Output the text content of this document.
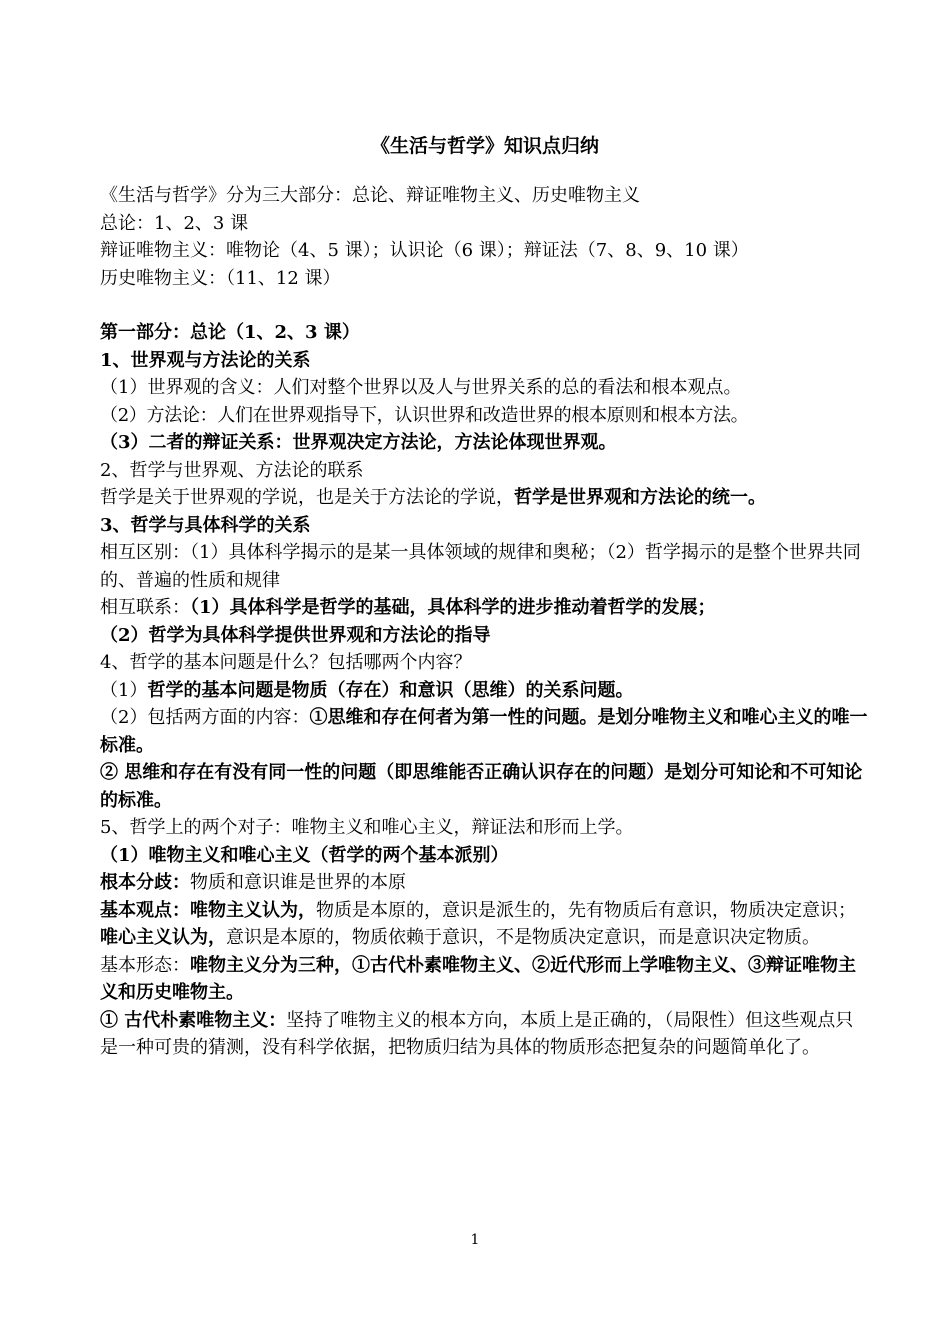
《生活与哲学》知识点归纳

《生活与哲学》分为三大部分：总论、辩证唯物主义、历史唯物主义

总论：1、2、3 课

辩证唯物主义：唯物论（4、5 课）；认识论（6 课）；辩证法（7、8、9、10 课）

历史唯物主义：（11、12 课）

第一部分：总论（1、2、3 课）

1、世界观与方法论的关系

（1）世界观的含义：人们对整个世界以及人与世界关系的总的看法和根本观点。

（2）方法论：人们在世界观指导下，认识世界和改造世界的根本原则和根本方法。

（3）二者的辩证关系：世界观决定方法论，方法论体现世界观。

2、哲学与世界观、方法论的联系

哲学是关于世界观的学说，也是关于方法论的学说，哲学是世界观和方法论的统一。

3、哲学与具体科学的关系

相互区别：（1）具体科学揭示的是某一具体领域的规律和奥秘；（2）哲学揭示的是整个世界共同的、普遍的性质和规律

相互联系：（1）具体科学是哲学的基础，具体科学的进步推动着哲学的发展；

（2）哲学为具体科学提供世界观和方法论的指导

4、哲学的基本问题是什么？包括哪两个内容？

（1）哲学的基本问题是物质（存在）和意识（思维）的关系问题。

（2）包括两方面的内容：①思维和存在何者为第一性的问题。是划分唯物主义和唯心主义的唯一标准。

② 思维和存在有没有同一性的问题（即思维能否正确认识存在的问题）是划分可知论和不可知论的标准。

5、哲学上的两个对子：唯物主义和唯心主义，辩证法和形而上学。

（1）唯物主义和唯心主义（哲学的两个基本派别）

根本分歧：物质和意识谁是世界的本原

基本观点：唯物主义认为，物质是本原的，意识是派生的，先有物质后有意识，物质决定意识；

唯心主义认为，意识是本原的，物质依赖于意识，不是物质决定意识，而是意识决定物质。

基本形态：唯物主义分为三种，①古代朴素唯物主义、②近代形而上学唯物主义、③辩证唯物主义和历史唯物主。

① 古代朴素唯物主义：坚持了唯物主义的根本方向，本质上是正确的，（局限性）但这些观点只是一种可贵的猜测，没有科学依据，把物质归结为具体的物质形态把复杂的问题简单化了。

1
